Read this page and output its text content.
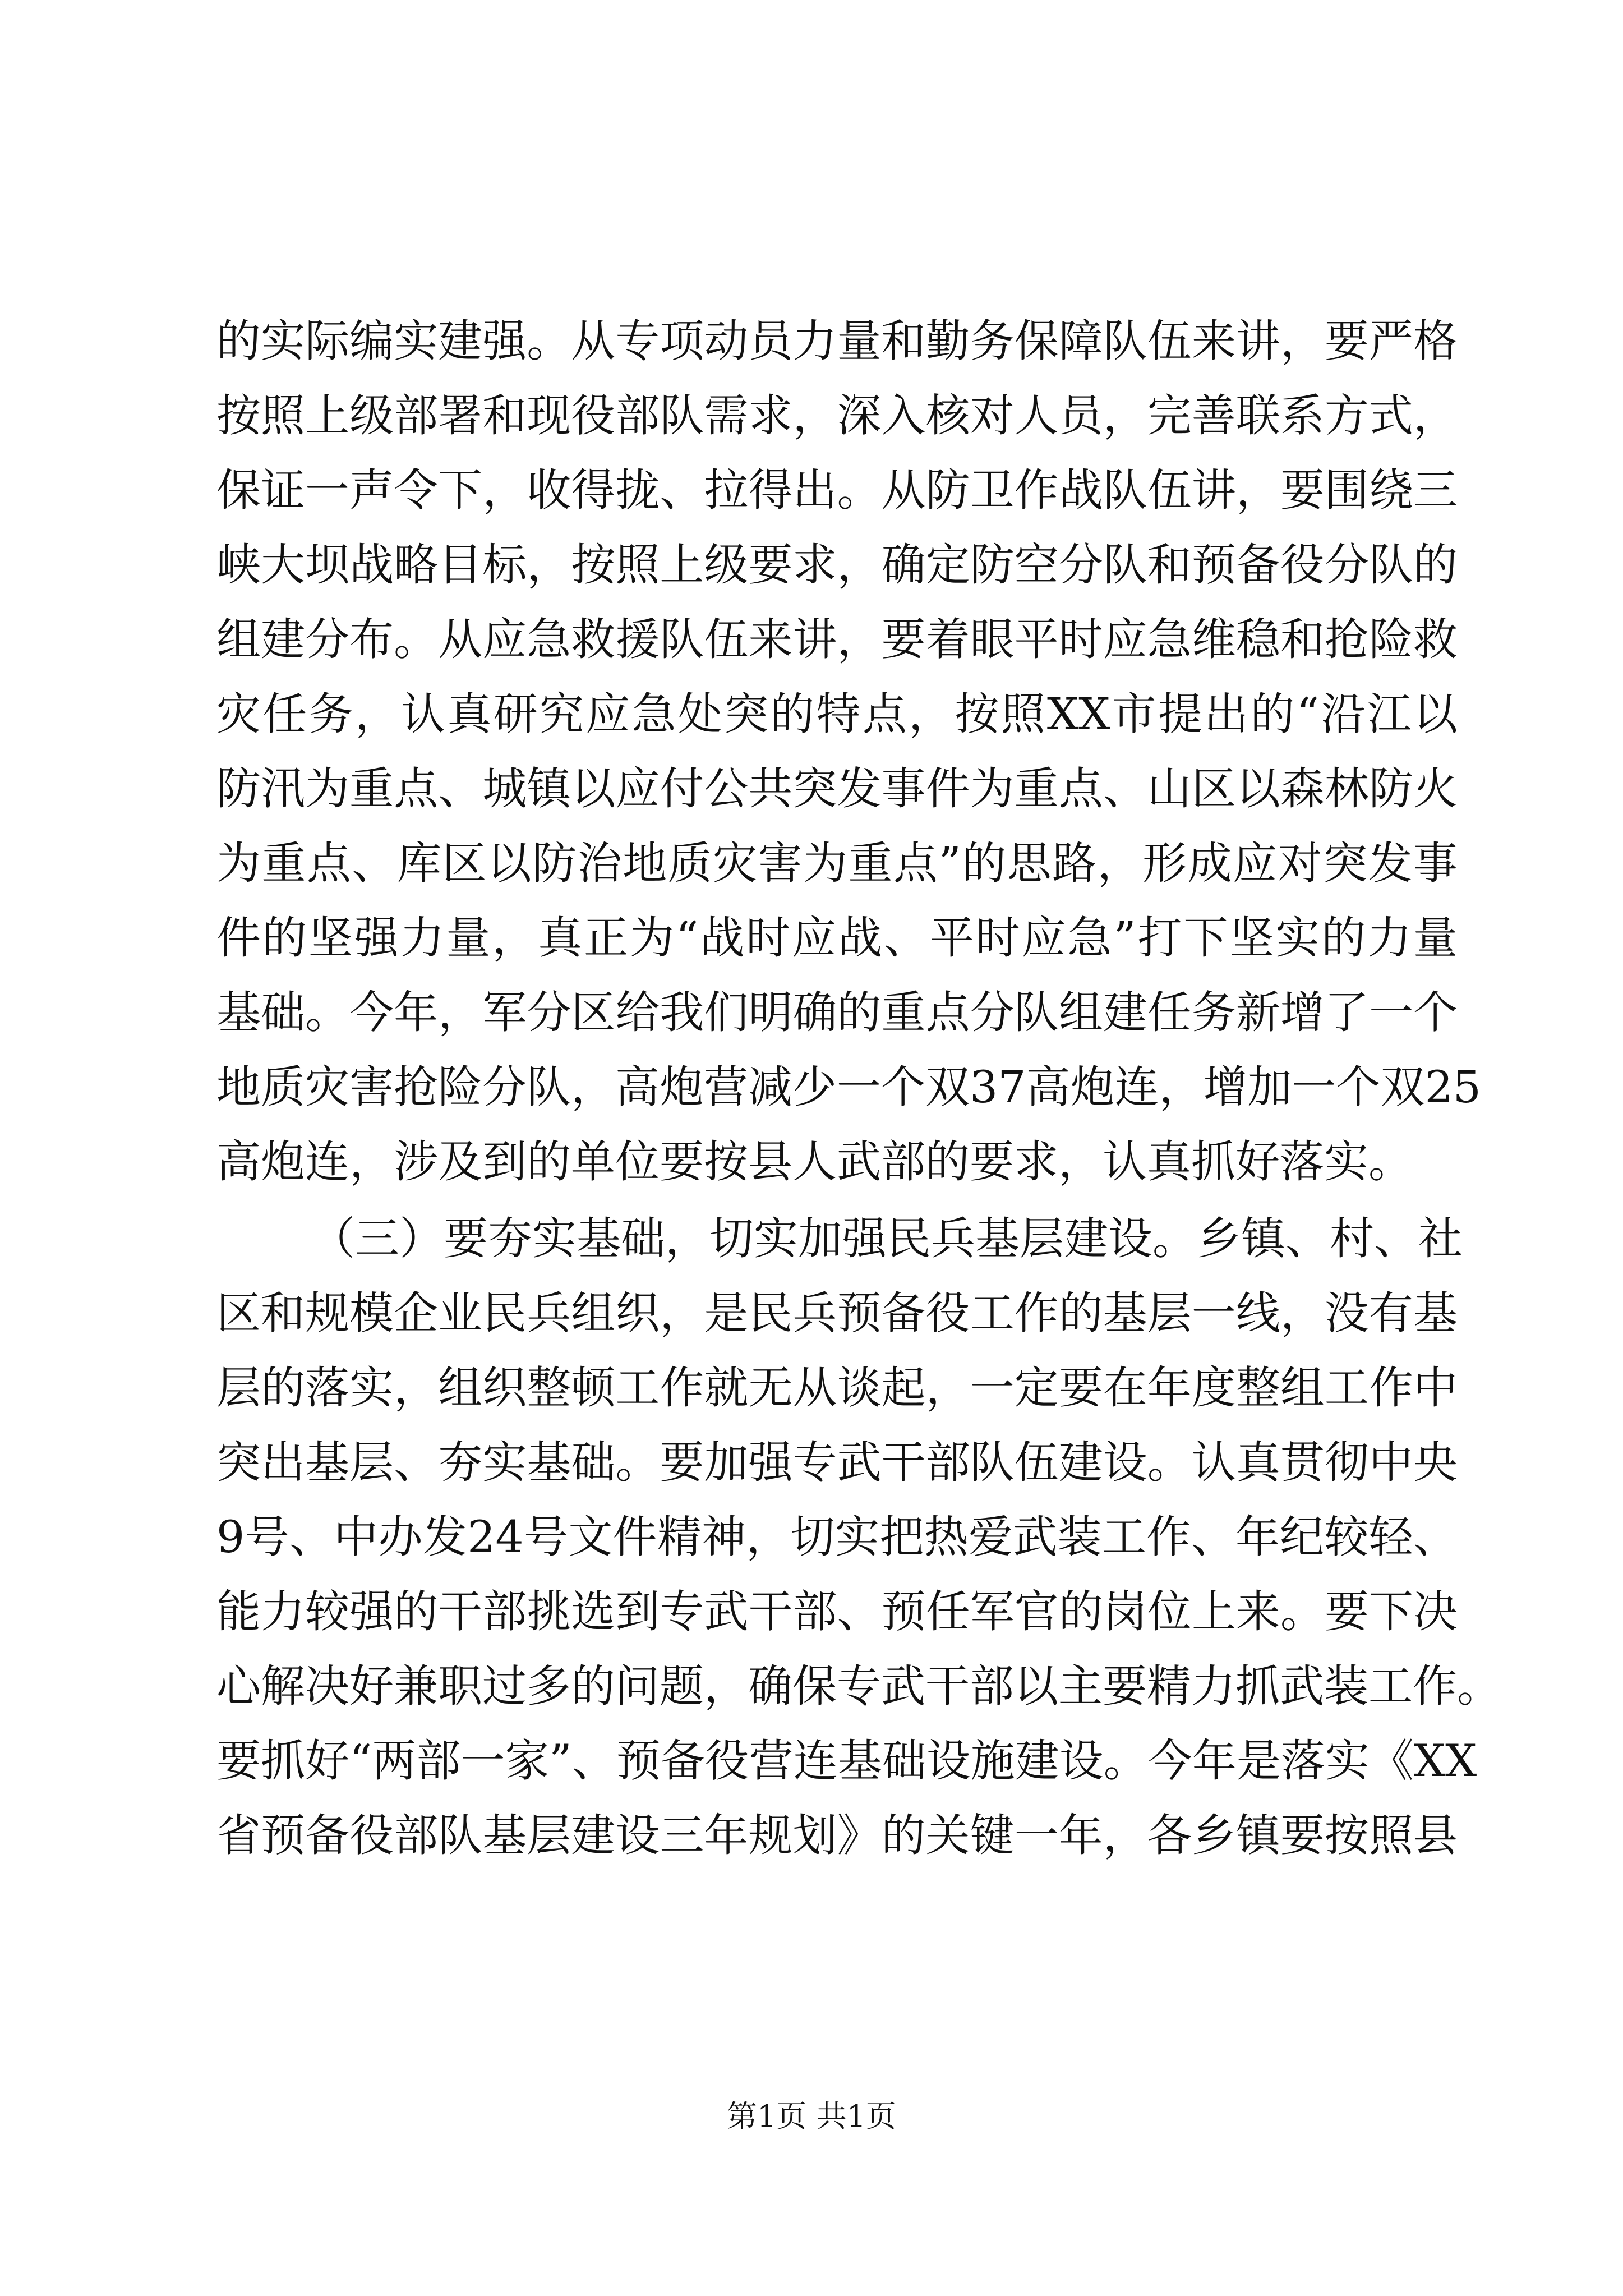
的实际编实建强。从专项动员力量和勤务保障队伍来讲，要严格
按照上级部署和现役部队需求，深入核对人员，完善联系方式，
保证一声令下，收得拢、拉得出。从防卫作战队伍讲，要围绕三
峡大坝战略目标，按照上级要求，确定防空分队和预备役分队的
组建分布。从应急救援队伍来讲，要着眼平时应急维稳和抢险救
灾任务，认真研究应急处突的特点，按照XX市提出的“沿江以
防汛为重点、城镇以应付公共突发事件为重点、山区以森林防火
为重点、库区以防治地质灾害为重点”的思路，形成应对突发事
件的坚强力量，真正为“战时应战、平时应急”打下坚实的力量
基础。今年，军分区给我们明确的重点分队组建任务新增了一个
地质灾害抢险分队，高炮营减少一个双37高炮连，增加一个双25
高炮连，涉及到的单位要按县人武部的要求，认真抓好落实。
（三）要夯实基础，切实加强民兵基层建设。乡镇、村、社
区和规模企业民兵组织，是民兵预备役工作的基层一线，没有基
层的落实，组织整顿工作就无从谈起，一定要在年度整组工作中
突出基层、夯实基础。要加强专武干部队伍建设。认真贯彻中央
9号、中办发24号文件精神，切实把热爱武装工作、年纪较轻、
能力较强的干部挑选到专武干部、预任军官的岗位上来。要下决
心解决好兼职过多的问题，确保专武干部以主要精力抓武装工作。
要抓好“两部一家”、预备役营连基础设施建设。今年是落实《XX
省预备役部队基层建设三年规划》的关键一年，各乡镇要按照县
第1页 共1页
